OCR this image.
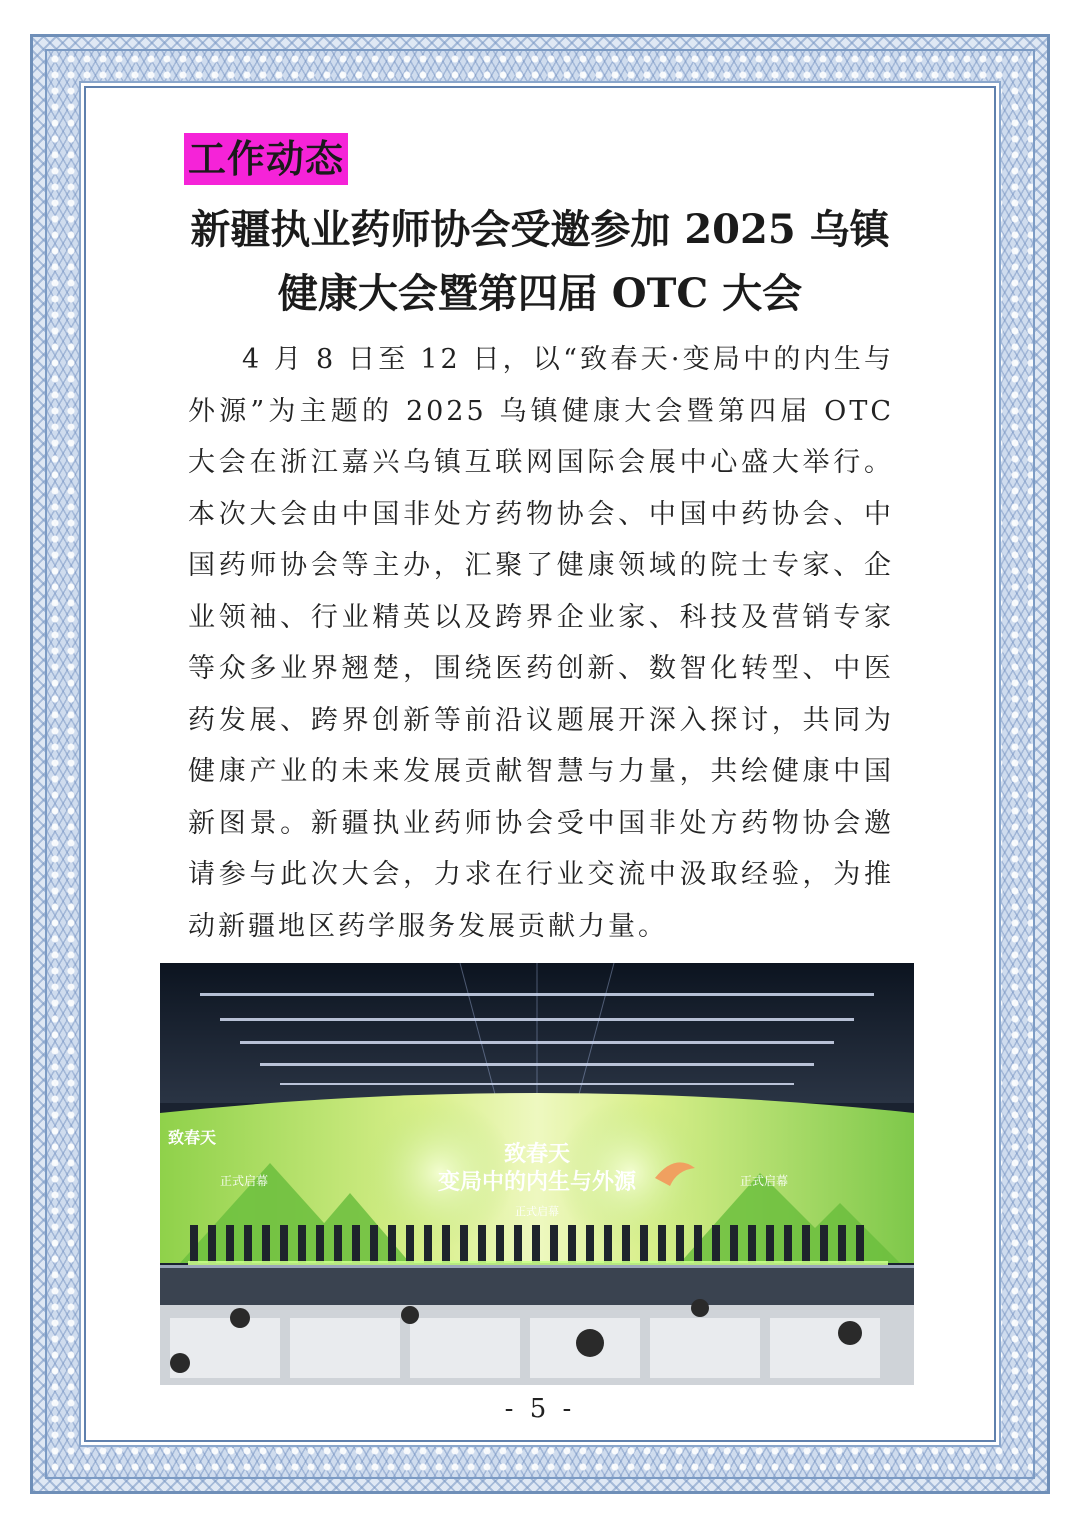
工作动态
新疆执业药师协会受邀参加 2025 乌镇
健康大会暨第四届 OTC 大会

4 月 8 日至 12 日，以“致春天·变局中的内生与外源”为主题的 2025 乌镇健康大会暨第四届 OTC 大会在浙江嘉兴乌镇互联网国际会展中心盛大举行。本次大会由中国非处方药物协会、中国中药协会、中国药师协会等主办，汇聚了健康领域的院士专家、企业领袖、行业精英以及跨界企业家、科技及营销专家等众多业界翘楚，围绕医药创新、数智化转型、中医药发展、跨界创新等前沿议题展开深入探讨，共同为健康产业的未来发展贡献智慧与力量，共绘健康中国新图景。新疆执业药师协会受中国非处方药物协会邀请参与此次大会，力求在行业交流中汲取经验，为推动新疆地区药学服务发展贡献力量。

致春天
变局中的内生与外源
正式启幕
致春天
正式启幕	正式启幕
- 5 -
